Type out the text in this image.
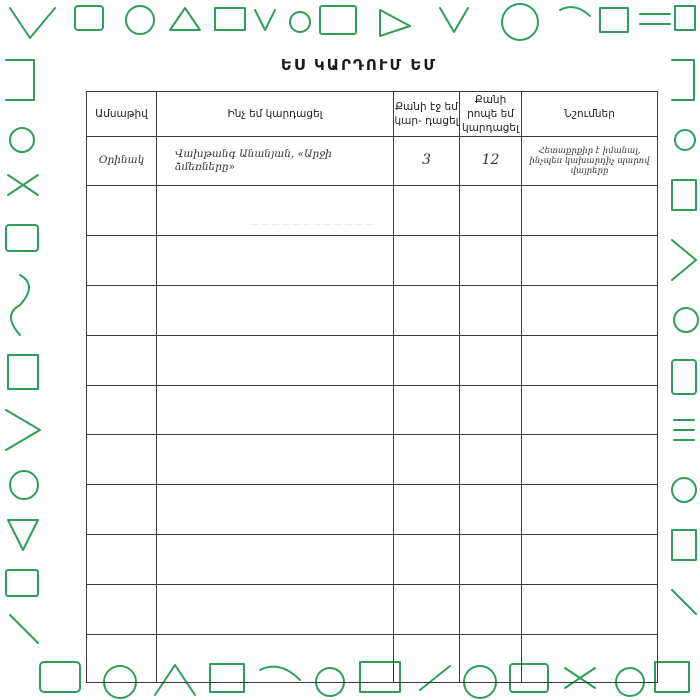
ԵՍ ԿԱՐԴՈՒՄ ԵՄ
— — — — — — — — — — — —
Ամսաթիվ	Ինչ եմ կարդացել	Քանի էջ եմ կար- դացել	Քանի րոպե եմ կարդացել	Նշումներ
Օրինակ	Վախթանգ Անանյան, «Արջի ձմեռները»	3	12	Հետաքրքիր է իմանալ, ինչպես կախարդիչ պարով վայրերը
